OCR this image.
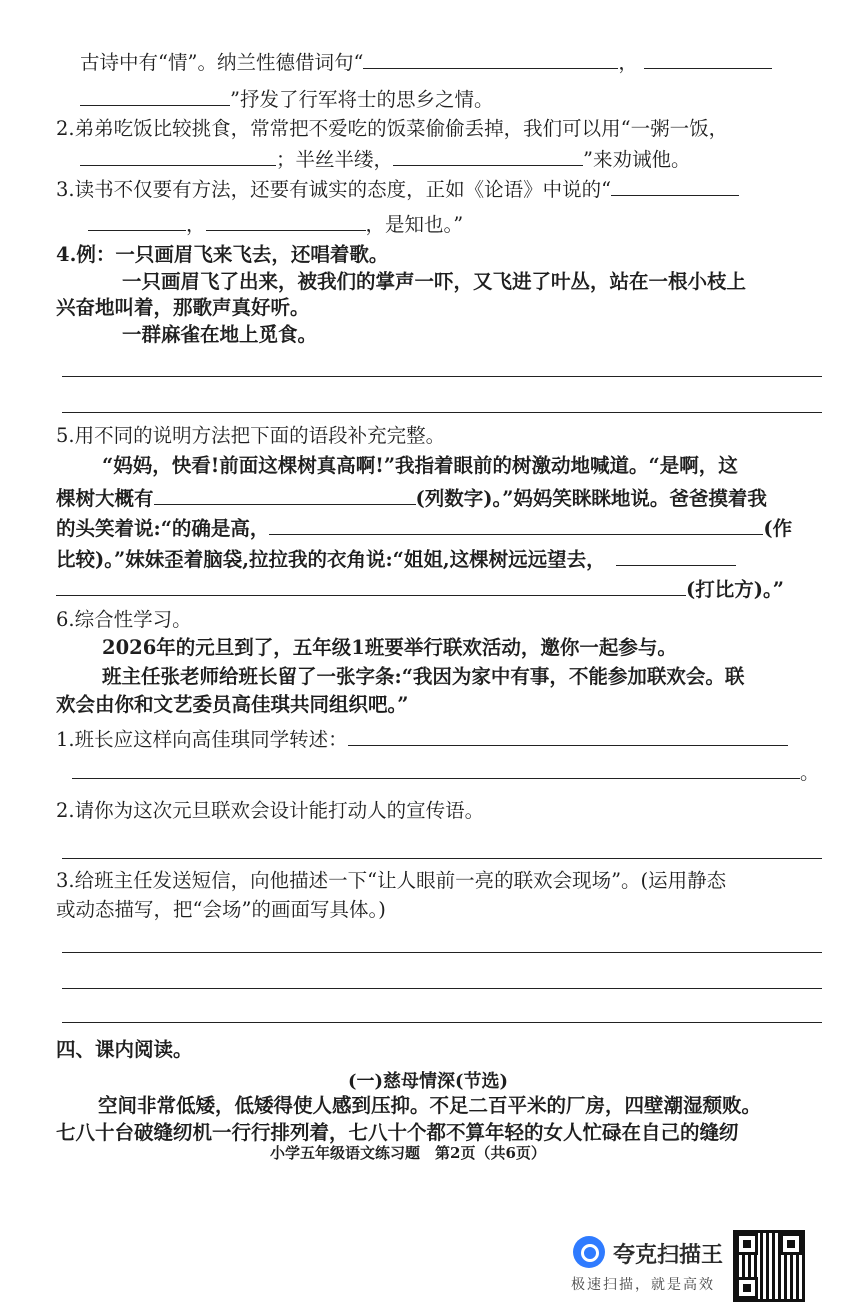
古诗中有“情”。纳兰性德借词句“	，
”抒发了行军将士的思乡之情。
2.弟弟吃饭比较挑食，常常把不爱吃的饭菜偷偷丢掉，我们可以用“一粥一饭，
；半丝半缕，	”来劝诫他。
3.读书不仅要有方法，还要有诚实的态度，正如《论语》中说的“
，	，是知也。”
4.例：一只画眉飞来飞去，还唱着歌。
一只画眉飞了出来，被我们的掌声一吓，又飞进了叶丛，站在一根小枝上
兴奋地叫着，那歌声真好听。
一群麻雀在地上觅食。
5.用不同的说明方法把下面的语段补充完整。
“妈妈，快看!前面这棵树真高啊!”我指着眼前的树激动地喊道。“是啊，这
棵树大概有	(列数字)。”妈妈笑眯眯地说。爸爸摸着我
的头笑着说:“的确是高，	(作
比较)。”妹妹歪着脑袋,拉拉我的衣角说:“姐姐,这棵树远远望去，
(打比方)。”
6.综合性学习。
2026年的元旦到了，五年级1班要举行联欢活动，邀你一起参与。
班主任张老师给班长留了一张字条:“我因为家中有事，不能参加联欢会。联
欢会由你和文艺委员高佳琪共同组织吧。”
1.班长应这样向高佳琪同学转述：
。
2.请你为这次元旦联欢会设计能打动人的宣传语。
3.给班主任发送短信，向他描述一下“让人眼前一亮的联欢会现场”。(运用静态
或动态描写，把“会场”的画面写具体。)
四、课内阅读。
(一)慈母情深(节选)
空间非常低矮，低矮得使人感到压抑。不足二百平米的厂房，四壁潮湿颓败。
七八十台破缝纫机一行行排列着，七八十个都不算年轻的女人忙碌在自己的缝纫
小学五年级语文练习题　第2页（共6页）
夸克扫描王
极速扫描，就是高效
